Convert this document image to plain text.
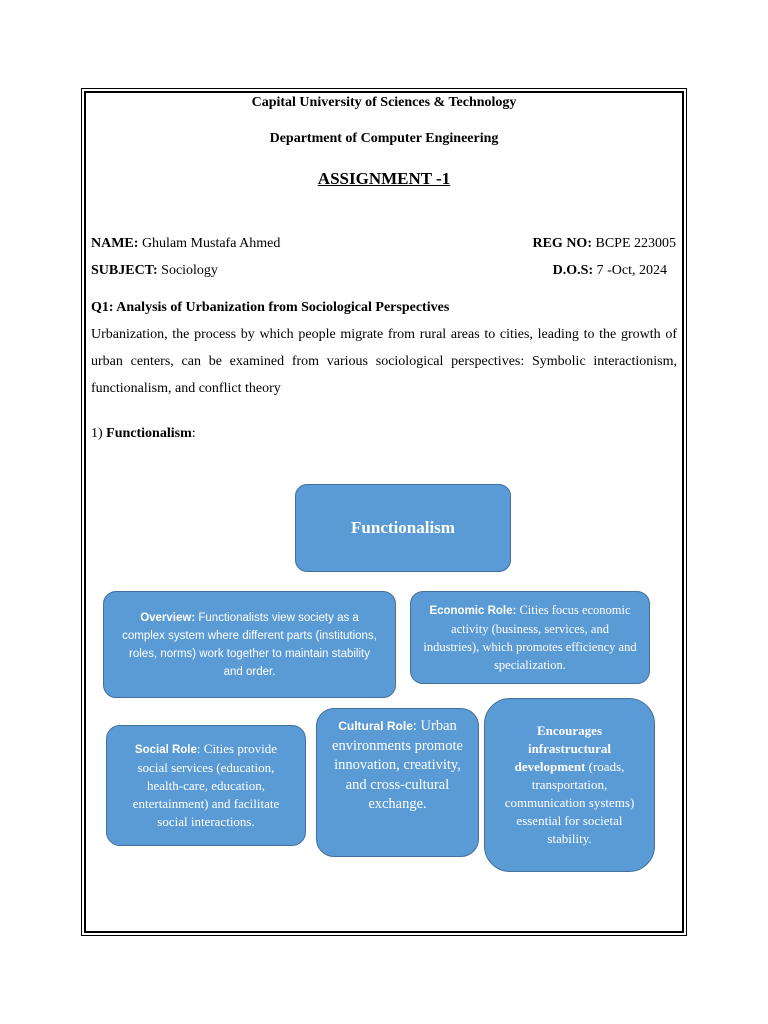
Capital University of Sciences & Technology
Department of Computer Engineering
ASSIGNMENT -1
NAME: Ghulam Mustafa Ahmed	REG NO: BCPE 223005
SUBJECT: Sociology	D.O.S: 7 -Oct, 2024
Q1: Analysis of Urbanization from Sociological Perspectives
Urbanization, the process by which people migrate from rural areas to cities, leading to the growth of urban centers, can be examined from various sociological perspectives: Symbolic interactionism, functionalism, and conflict theory
1) Functionalism:
Functionalism
Overview: Functionalists view society as a complex system where different parts (institutions, roles, norms) work together to maintain stability and order.
Economic Role: Cities focus economic activity (business, services, and industries), which promotes efficiency and specialization.
Social Role: Cities provide social services (education, health-care, education, entertainment) and facilitate social interactions.
Cultural Role: Urban environments promote innovation, creativity, and cross-cultural exchange.
Encourages infrastructural development (roads, transportation, communication systems) essential for societal stability.
